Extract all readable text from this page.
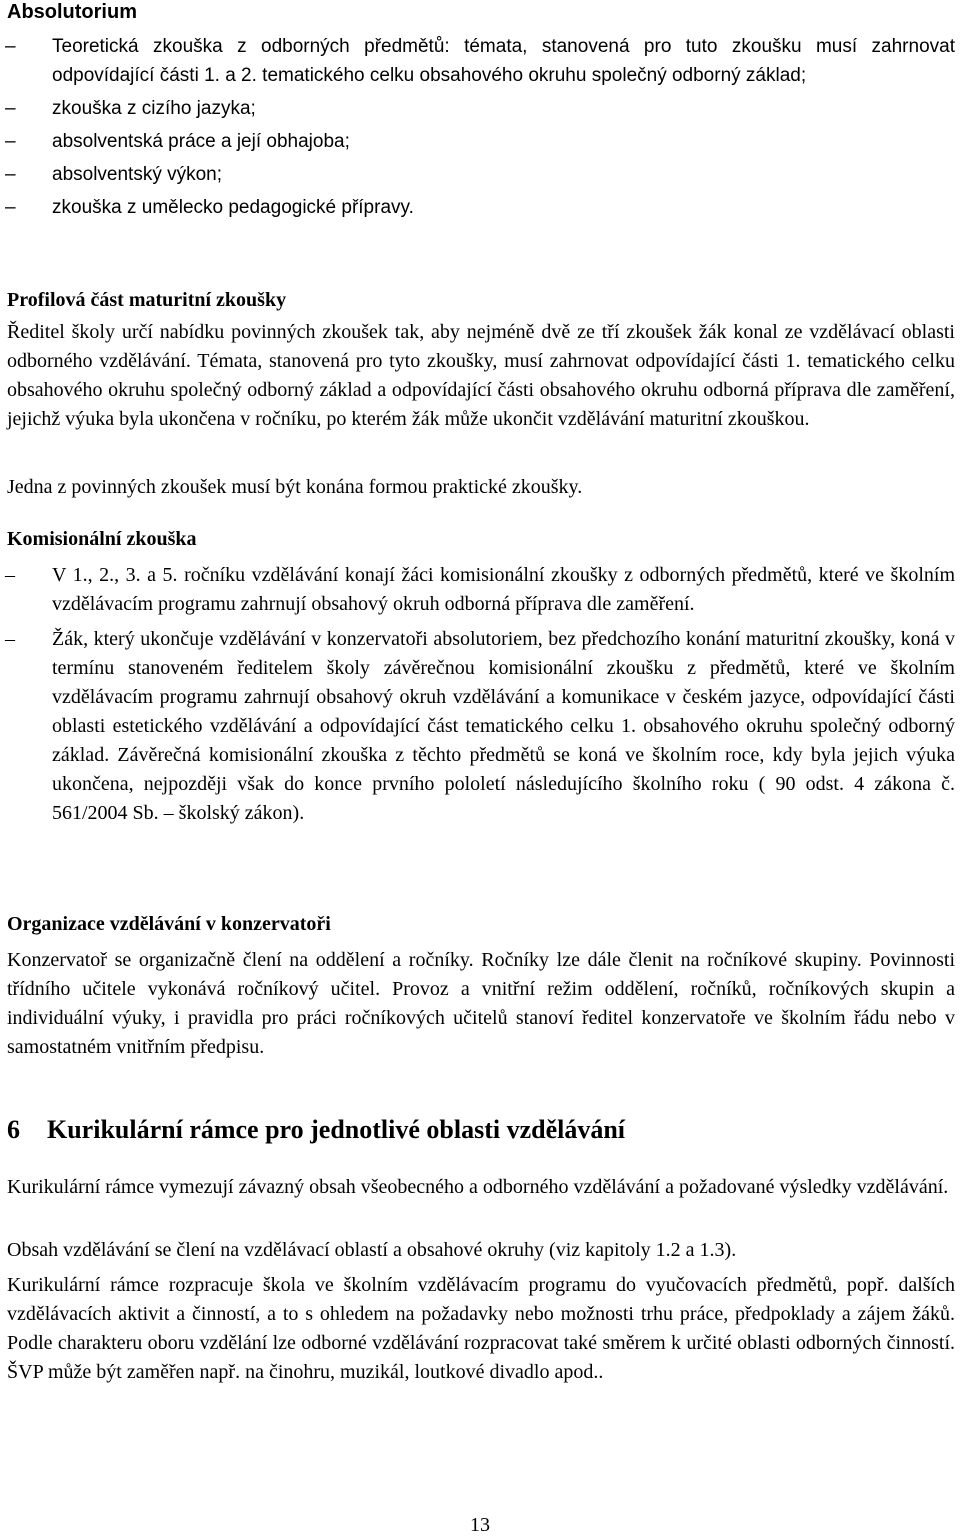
Absolutorium
–	Teoretická zkouška z odborných předmětů: témata, stanovená pro tuto zkoušku musí zahrnovat odpovídající části 1. a 2. tematického celku obsahového okruhu společný odborný základ;
–	zkouška z cizího jazyka;
–	absolventská práce a její obhajoba;
–	absolventský výkon;
–	zkouška z umělecko pedagogické přípravy.
Profilová část maturitní zkoušky

Ředitel školy určí nabídku povinných zkoušek tak, aby nejméně dvě ze tří zkoušek žák konal ze vzdělávací oblasti odborného vzdělávání. Témata, stanovená pro tyto zkoušky, musí zahrnovat odpovídající části 1. tematického celku obsahového okruhu společný odborný základ a odpovídající části obsahového okruhu odborná příprava dle zaměření, jejichž výuka byla ukončena v ročníku, po kterém žák může ukončit vzdělávání maturitní zkouškou.

Jedna z povinných zkoušek musí být konána formou praktické zkoušky.

Komisionální zkouška
–	V 1., 2., 3. a 5. ročníku vzdělávání konají žáci komisionální zkoušky z odborných předmětů, které ve školním vzdělávacím programu zahrnují obsahový okruh odborná příprava dle zaměření.
–	Žák, který ukončuje vzdělávání v konzervatoři absolutoriem, bez předchozího konání maturitní zkoušky, koná v termínu stanoveném ředitelem školy závěrečnou komisionální zkoušku z předmětů, které ve školním vzdělávacím programu zahrnují obsahový okruh vzdělávání a komunikace v českém jazyce, odpovídající části oblasti estetického vzdělávání a odpovídající část tematického celku 1. obsahového okruhu společný odborný základ. Závěrečná komisionální zkouška z těchto předmětů se koná ve školním roce, kdy byla jejich výuka ukončena, nejpozději však do konce prvního pololetí následujícího školního roku ( 90 odst. 4 zákona č. 561/2004 Sb. – školský zákon).
Organizace vzdělávání v konzervatoři

Konzervatoř se organizačně člení na oddělení a ročníky. Ročníky lze dále členit na ročníkové skupiny. Povinnosti třídního učitele vykonává ročníkový učitel. Provoz a vnitřní režim oddělení, ročníků, ročníkových skupin a individuální výuky, i pravidla pro práci ročníkových učitelů stanoví ředitel konzervatoře ve školním řádu nebo v samostatném vnitřním předpisu.

6 Kurikulární rámce pro jednotlivé oblasti vzdělávání

Kurikulární rámce vymezují závazný obsah všeobecného a odborného vzdělávání a požadované výsledky vzdělávání.

Obsah vzdělávání se člení na vzdělávací oblastí a obsahové okruhy (viz kapitoly 1.2 a 1.3).

Kurikulární rámce rozpracuje škola ve školním vzdělávacím programu do vyučovacích předmětů, popř. dalších vzdělávacích aktivit a činností, a to s ohledem na požadavky nebo možnosti trhu práce, předpoklady a zájem žáků. Podle charakteru oboru vzdělání lze odborné vzdělávání rozpracovat také směrem k určité oblasti odborných činností. ŠVP může být zaměřen např. na činohru, muzikál, loutkové divadlo apod..

13
